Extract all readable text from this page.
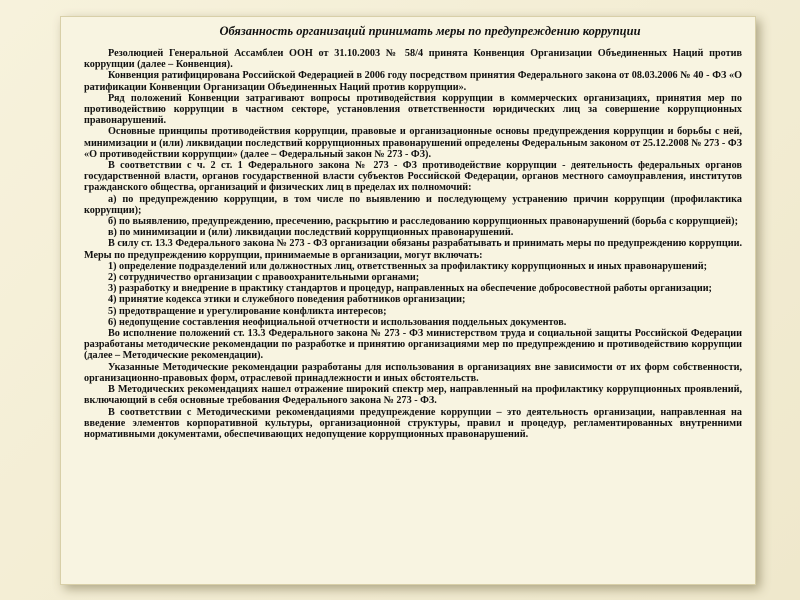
Обязанность организаций принимать меры по предупреждению коррупции

Резолюцией Генеральной Ассамблеи ООН от 31.10.2003 № 58/4 принята Конвенция Организации Объединенных Наций против коррупции (далее – Конвенция).

Конвенция ратифицирована Российской Федерацией в 2006 году посредством принятия Федерального закона от 08.03.2006 № 40 - ФЗ «О ратификации Конвенции Организации Объединенных Наций против коррупции».

Ряд положений Конвенции затрагивают вопросы противодействия коррупции в коммерческих организациях, принятия мер по противодействию коррупции в частном секторе, установления ответственности юридических лиц за совершение коррупционных правонарушений.

Основные принципы противодействия коррупции, правовые и организационные основы предупреждения коррупции и борьбы с ней, минимизации и (или) ликвидации последствий коррупционных правонарушений определены Федеральным законом от 25.12.2008 № 273 - ФЗ «О противодействии коррупции» (далее – Федеральный закон № 273 - ФЗ).

В соответствии с ч. 2 ст. 1 Федерального закона № 273 - ФЗ противодействие коррупции - деятельность федеральных органов государственной власти, органов государственной власти субъектов Российской Федерации, органов местного самоуправления, институтов гражданского общества, организаций и физических лиц в пределах их полномочий:

а) по предупреждению коррупции, в том числе по выявлению и последующему устранению причин коррупции (профилактика коррупции);

б) по выявлению, предупреждению, пресечению, раскрытию и расследованию коррупционных правонарушений (борьба с коррупцией);

в) по минимизации и (или) ликвидации последствий коррупционных правонарушений.

В силу ст. 13.3 Федерального закона № 273 - ФЗ организации обязаны разрабатывать и принимать меры по предупреждению коррупции. Меры по предупреждению коррупции, принимаемые в организации, могут включать:

1) определение подразделений или должностных лиц, ответственных за профилактику коррупционных и иных правонарушений;

2) сотрудничество организации с правоохранительными органами;

3) разработку и внедрение в практику стандартов и процедур, направленных на обеспечение добросовестной работы организации;

4) принятие кодекса этики и служебного поведения работников организации;

5) предотвращение и урегулирование конфликта интересов;

6) недопущение составления неофициальной отчетности и использования поддельных документов.

Во исполнение положений ст. 13.3 Федерального закона № 273 - ФЗ министерством труда и социальной защиты Российской Федерации разработаны методические рекомендации по разработке и принятию организациями мер по предупреждению и противодействию коррупции (далее – Методические рекомендации).

Указанные Методические рекомендации разработаны для использования в организациях вне зависимости от их форм собственности, организационно-правовых форм, отраслевой принадлежности и иных обстоятельств.

В Методических рекомендациях нашел отражение широкий спектр мер, направленный на профилактику коррупционных проявлений, включающий в себя основные требования Федерального закона № 273 - ФЗ.

В соответствии с Методическими рекомендациями предупреждение коррупции – это деятельность организации, направленная на введение элементов корпоративной культуры, организационной структуры, правил и процедур, регламентированных внутренними нормативными документами, обеспечивающих недопущение коррупционных правонарушений.
